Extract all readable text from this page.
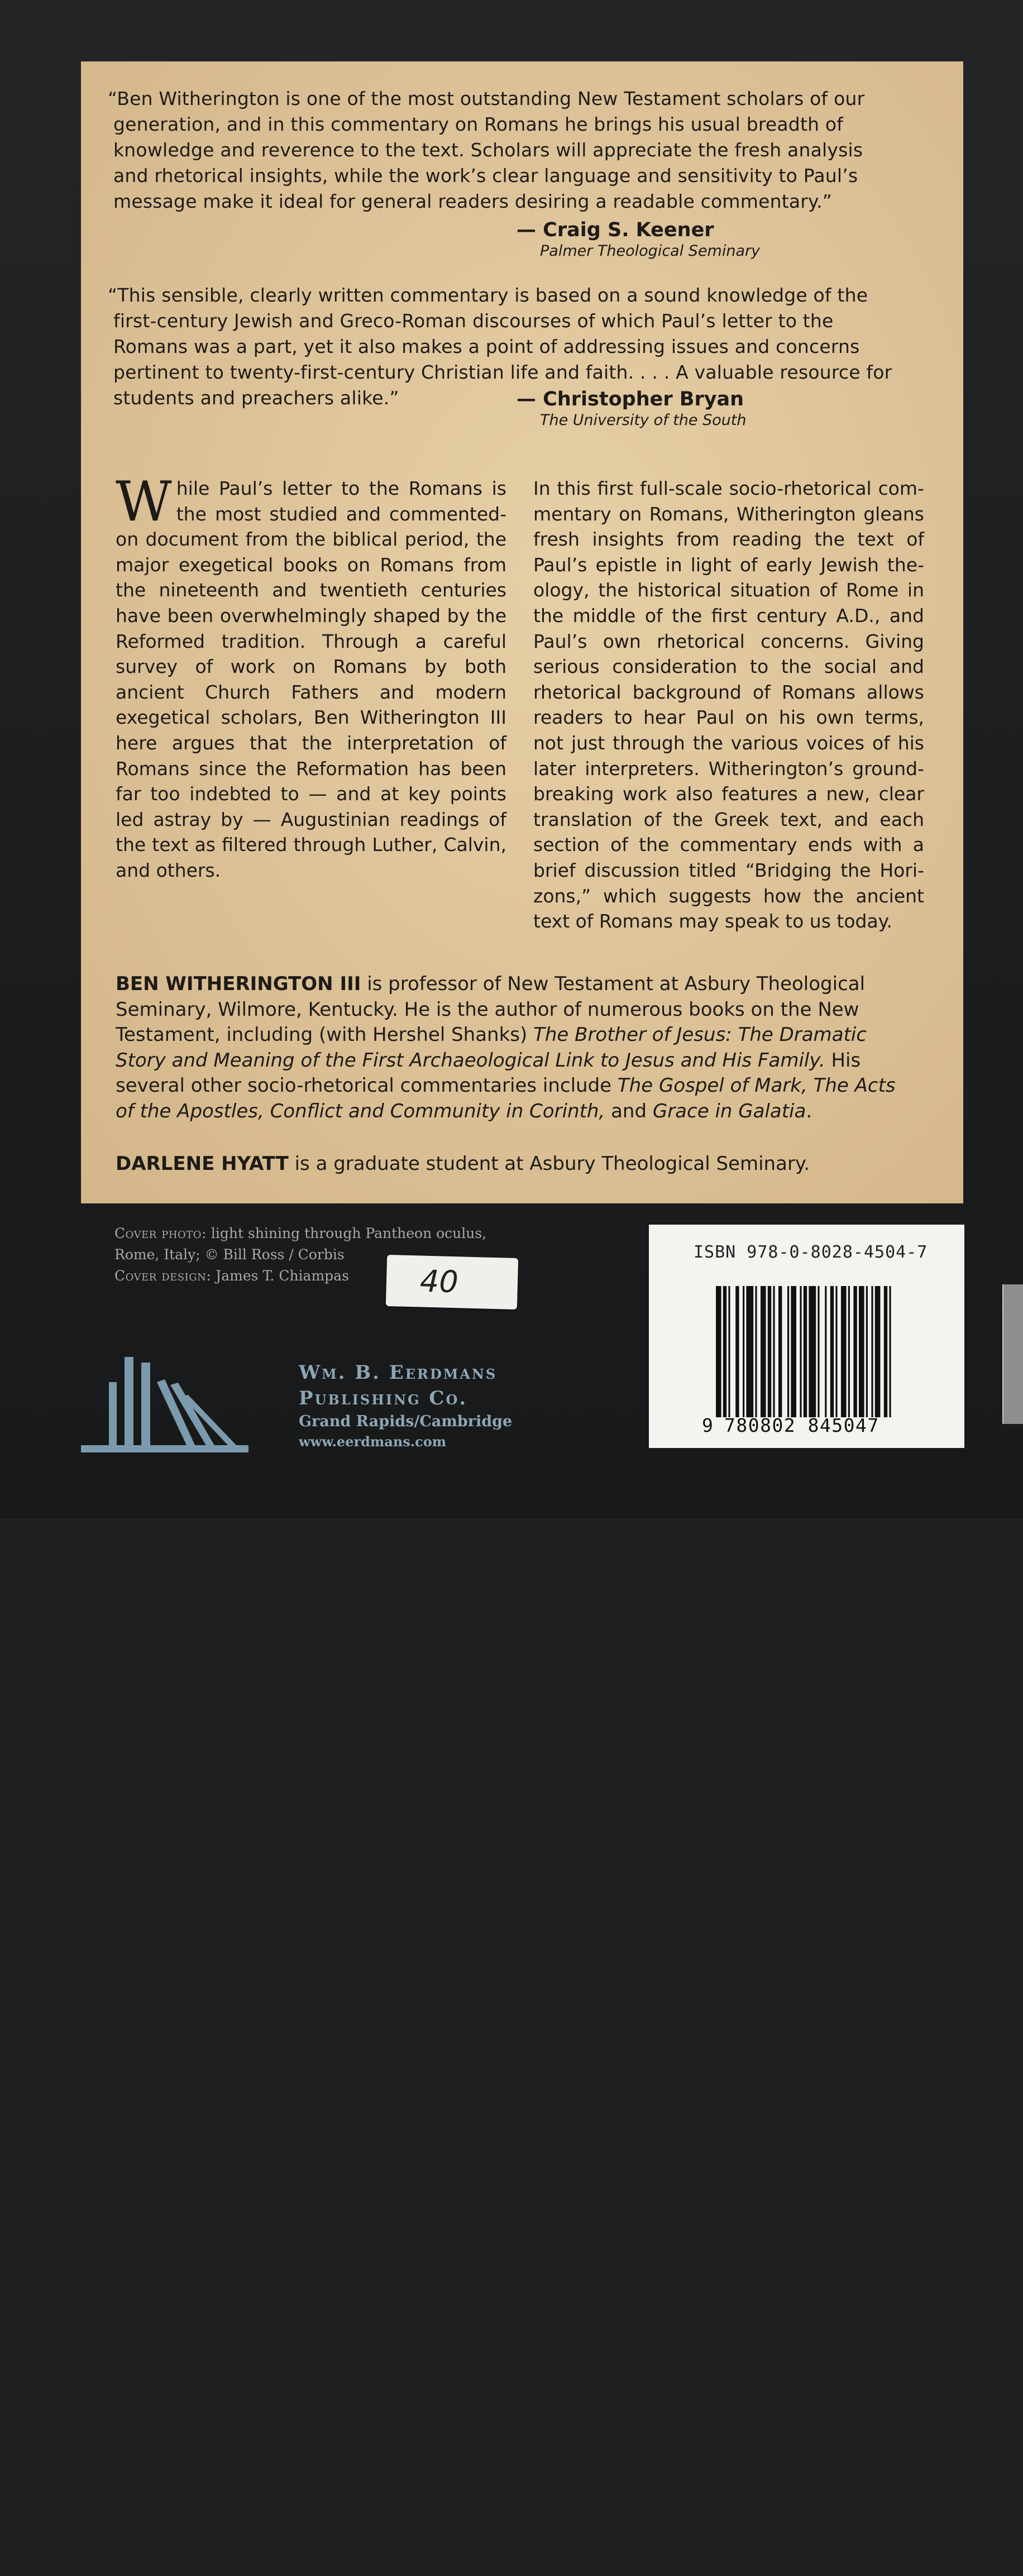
“Ben Witherington is one of the most outstanding New Testament scholars of our generation, and in this commentary on Romans he brings his usual breadth of knowledge and reverence to the text. Scholars will appreciate the fresh analysis and rhetorical insights, while the work’s clear language and sensitivity to Paul’s message make it ideal for general readers desiring a readable commentary.”

— Craig S. Keener
Palmer Theological Seminary

“This sensible, clearly written commentary is based on a sound knowledge of the first-century Jewish and Greco-Roman discourses of which Paul’s letter to the Romans was a part, yet it also makes a point of addressing issues and concerns pertinent to twenty-first-century Christian life and faith. . . . A valuable resource for students and preachers alike.”	— Christopher Bryan
The University of the South

While Paul’s letter to the Romans is the most studied and commented-on document from the biblical period, the major exegetical books on Romans from the nineteenth and twentieth centuries have been overwhelmingly shaped by the Reformed tradition. Through a careful survey of work on Romans by both ancient Church Fathers and modern exegetical scholars, Ben Witherington III here argues that the interpretation of Romans since the Reformation has been far too indebted to — and at key points led astray by — Augustinian readings of the text as filtered through Luther, Calvin, and others.

In this first full-scale socio-rhetorical commentary on Romans, Witherington gleans fresh insights from reading the text of Paul’s epistle in light of early Jewish theology, the historical situation of Rome in the middle of the first century A.D., and Paul’s own rhetorical concerns. Giving serious consideration to the social and rhetorical background of Romans allows readers to hear Paul on his own terms, not just through the various voices of his later interpreters. Witherington’s groundbreaking work also features a new, clear translation of the Greek text, and each section of the commentary ends with a brief discussion titled “Bridging the Horizons,” which suggests how the ancient text of Romans may speak to us today.

BEN WITHERINGTON III is professor of New Testament at Asbury Theological Seminary, Wilmore, Kentucky. He is the author of numerous books on the New Testament, including (with Hershel Shanks) The Brother of Jesus: The Dramatic Story and Meaning of the First Archaeological Link to Jesus and His Family. His several other socio-rhetorical commentaries include The Gospel of Mark, The Acts of the Apostles, Conflict and Community in Corinth, and Grace in Galatia.

DARLENE HYATT is a graduate student at Asbury Theological Seminary.

Cover photo: light shining through Pantheon oculus, Rome, Italy; © Bill Ross / Corbis
Cover design: James T. Chiampas	40
Wm. B. Eerdmans
Publishing Co.
Grand Rapids/Cambridge
www.eerdmans.com
ISBN 978-0-8028-4504-7
9 780802 845047
